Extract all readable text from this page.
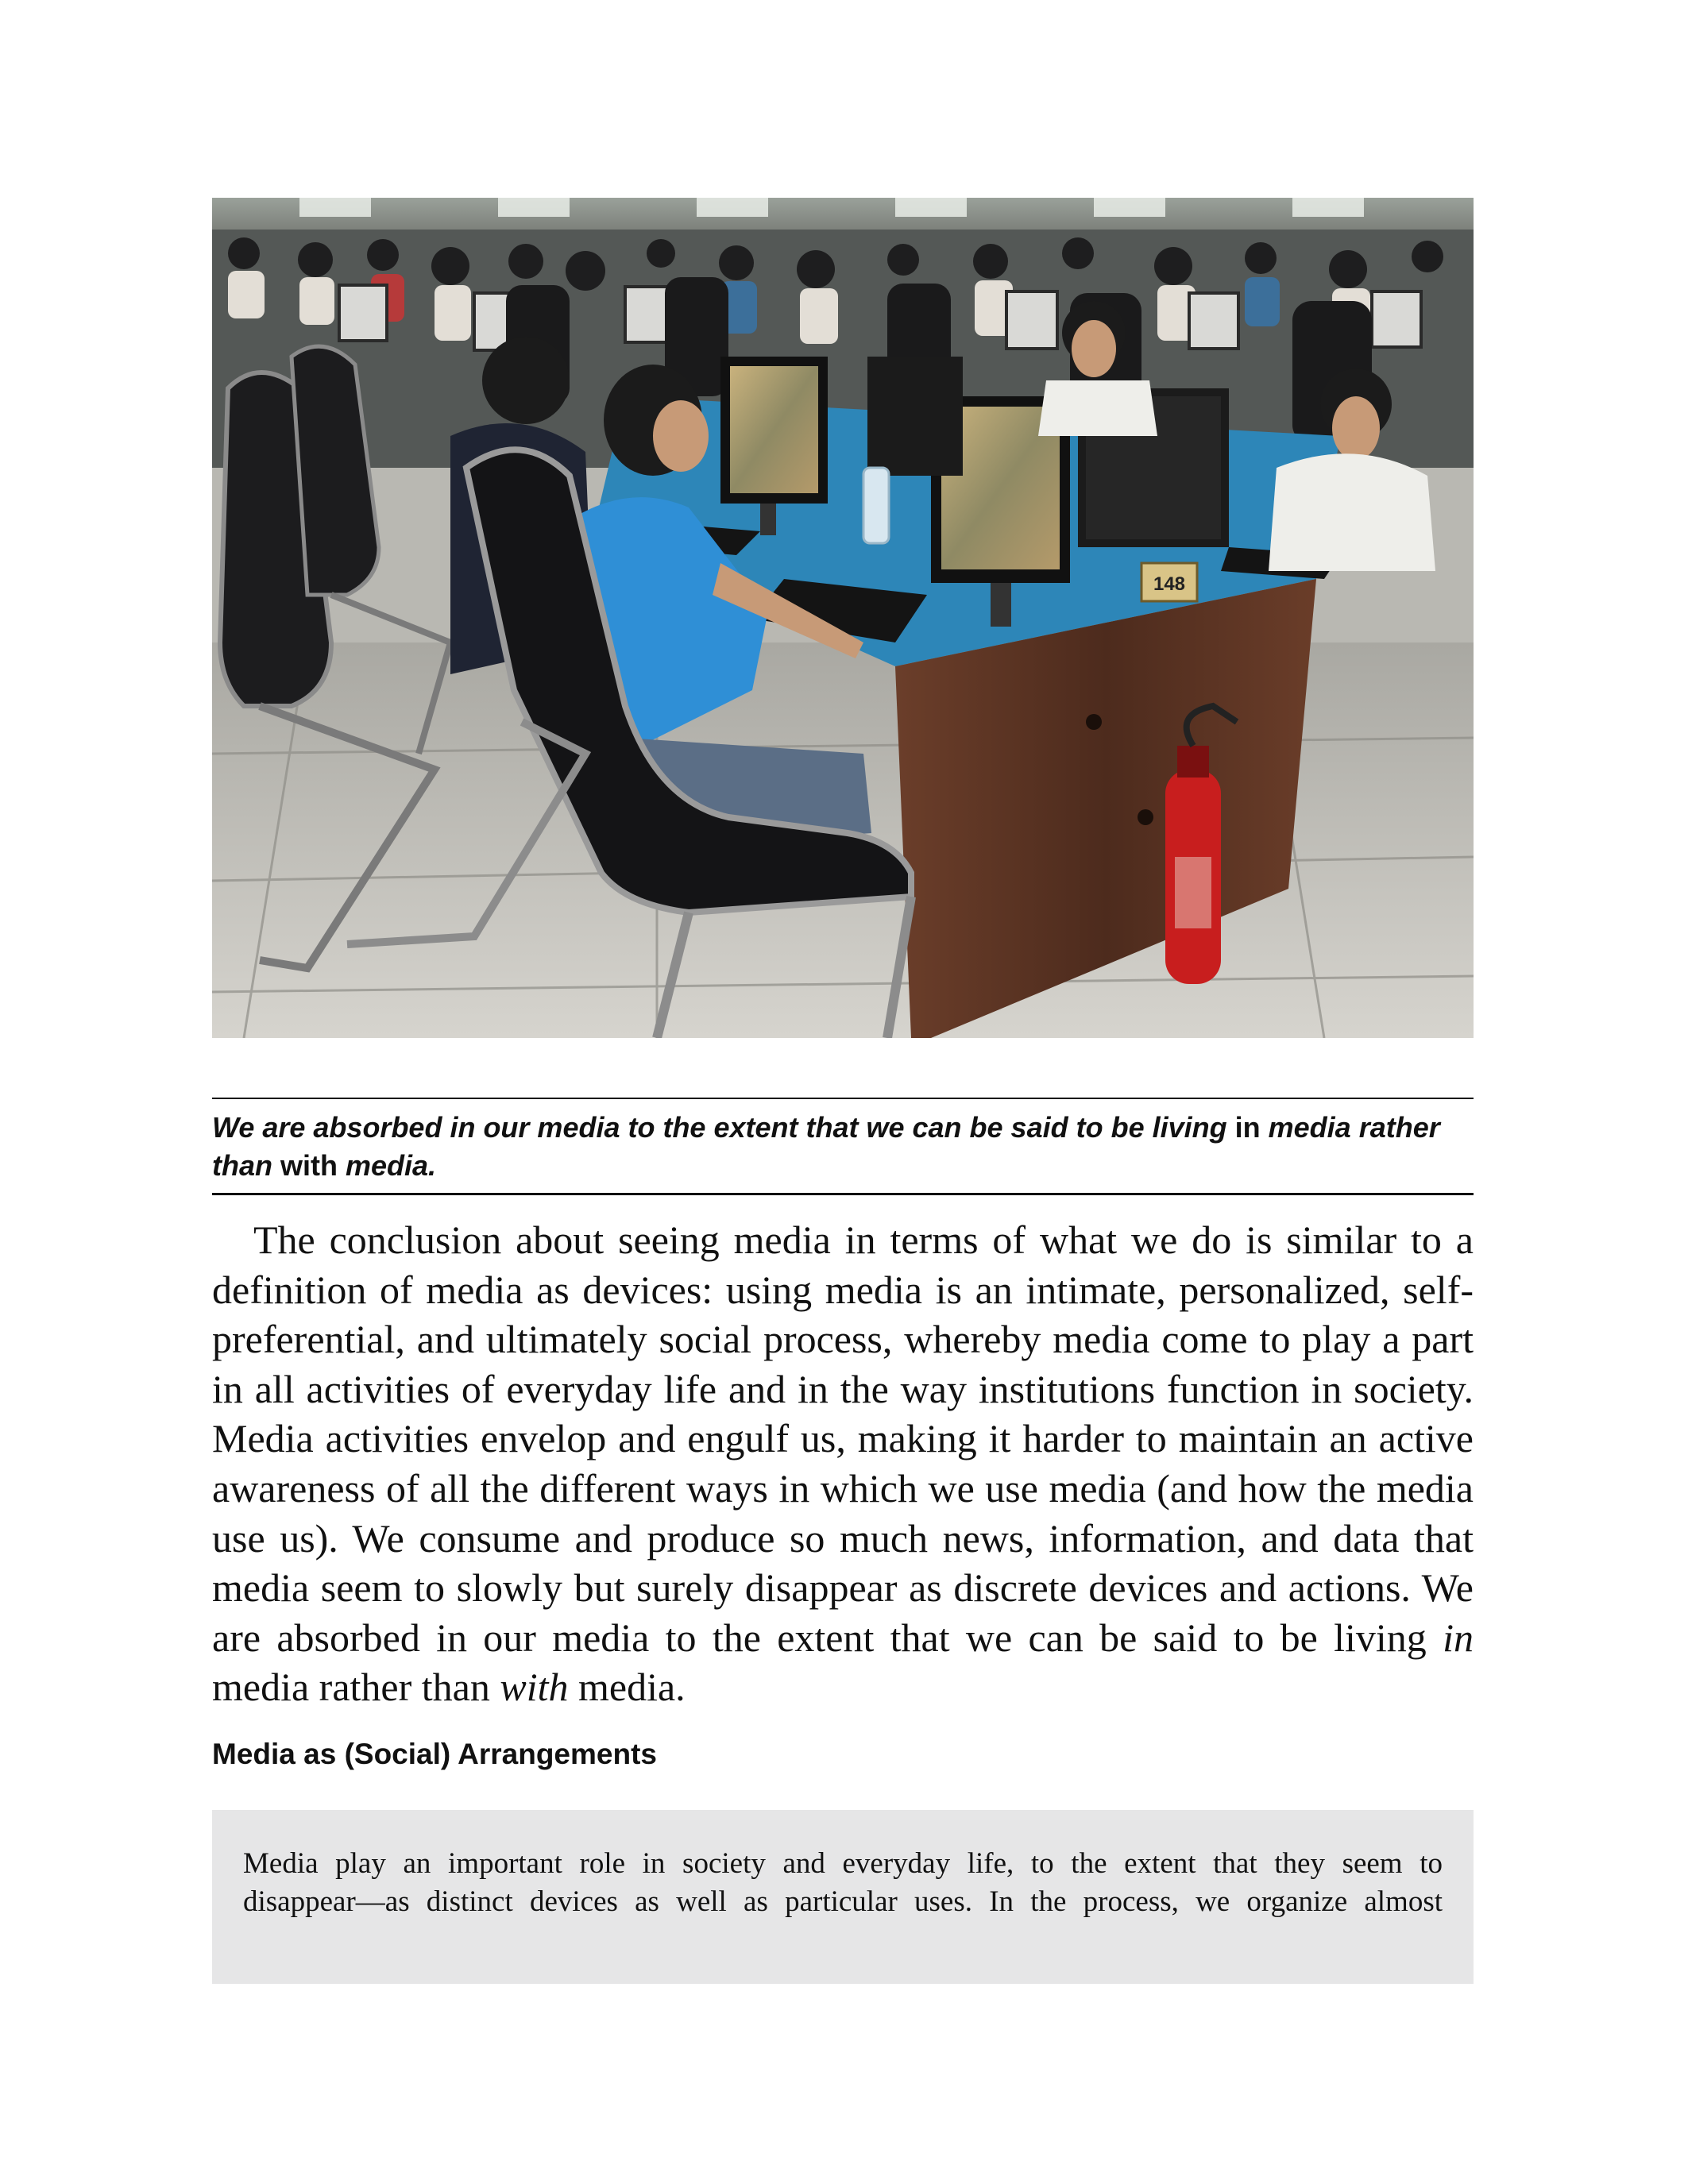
148
We are absorbed in our media to the extent that we can be said to be living in media rather than with media.

The conclusion about seeing media in terms of what we do is similar to a definition of media as devices: using media is an intimate, personalized, self-preferential, and ultimately social process, whereby media come to play a part in all activities of everyday life and in the way institutions function in society. Media activities envelop and engulf us, making it harder to maintain an active awareness of all the different ways in which we use media (and how the media use us). We consume and produce so much news, information, and data that media seem to slowly but surely disappear as discrete devices and actions. We are absorbed in our media to the extent that we can be said to be living in media rather than with media.

Media as (Social) Arrangements

Media play an important role in society and everyday life, to the extent that they seem to

disappear—as distinct devices as well as particular uses. In the process, we organize almost
